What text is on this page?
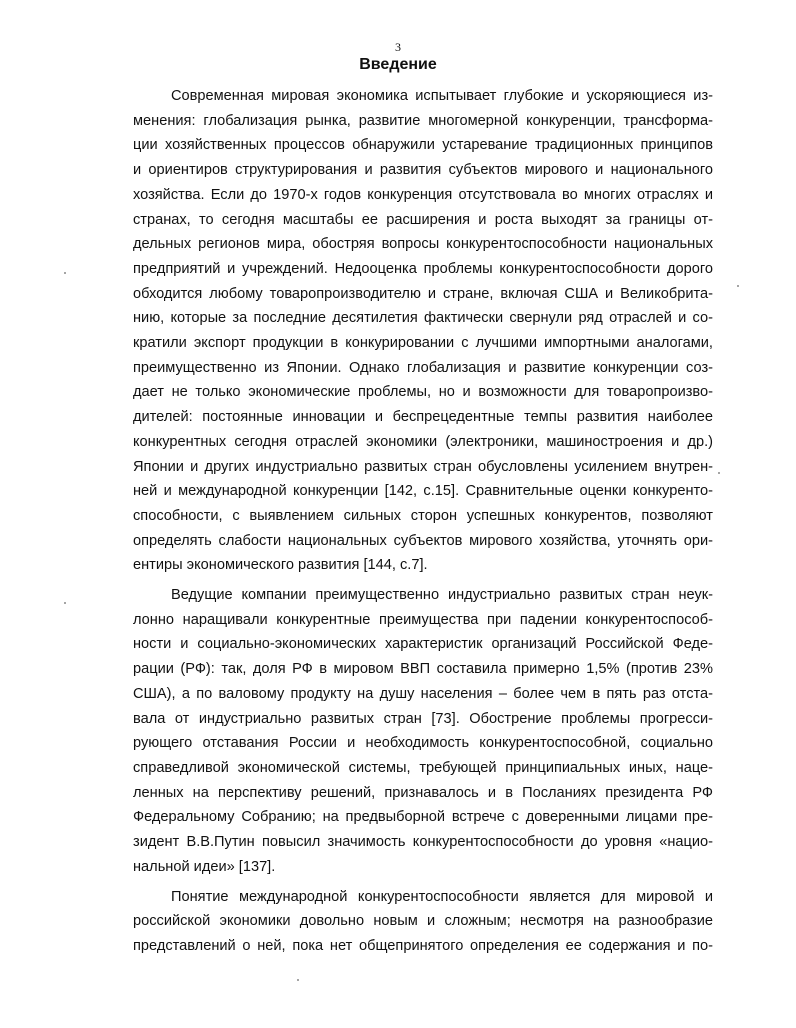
3
Введение

Современная мировая экономика испытывает глубокие и ускоряющиеся из-
менения: глобализация рынка, развитие многомерной конкуренции, трансформа-
ции хозяйственных процессов обнаружили устаревание традиционных принципов
и ориентиров структурирования и развития субъектов мирового и национального
хозяйства. Если до 1970-х годов конкуренция отсутствовала во многих отраслях и
странах, то сегодня масштабы ее расширения и роста выходят за границы от-
дельных регионов мира, обостряя вопросы конкурентоспособности национальных
предприятий и учреждений. Недооценка проблемы конкурентоспособности дорого
обходится любому товаропроизводителю и стране, включая США и Великобрита-
нию, которые за последние десятилетия фактически свернули ряд отраслей и со-
кратили экспорт продукции в конкурировании с лучшими импортными аналогами,
преимущественно из Японии. Однако глобализация и развитие конкуренции соз-
дает не только экономические проблемы, но и возможности для товаропроизво-
дителей: постоянные инновации и беспрецедентные темпы развития наиболее
конкурентных сегодня отраслей экономики (электроники, машиностроения и др.)
Японии и других индустриально развитых стран обусловлены усилением внутрен-
ней и международной конкуренции [142, с.15]. Сравнительные оценки конкуренто-
способности, с выявлением сильных сторон успешных конкурентов, позволяют
определять слабости национальных субъектов мирового хозяйства, уточнять ори-
ентиры экономического развития [144, с.7].

Ведущие компании преимущественно индустриально развитых стран неук-
лонно наращивали конкурентные преимущества при падении конкурентоспособ-
ности и социально-экономических характеристик организаций Российской Феде-
рации (РФ): так, доля РФ в мировом ВВП составила примерно 1,5% (против 23%
США), а по валовому продукту на душу населения – более чем в пять раз отста-
вала от индустриально развитых стран [73]. Обострение проблемы прогресси-
рующего отставания России и необходимость конкурентоспособной, социально
справедливой экономической системы, требующей принципиальных иных, наце-
ленных на перспективу решений, признавалось и в Посланиях президента РФ
Федеральному Собранию; на предвыборной встрече с доверенными лицами пре-
зидент В.В.Путин повысил значимость конкурентоспособности до уровня «нацио-
нальной идеи» [137].

Понятие международной конкурентоспособности является для мировой и
российской экономики довольно новым и сложным; несмотря на разнообразие
представлений о ней, пока нет общепринятого определения ее содержания и по-
